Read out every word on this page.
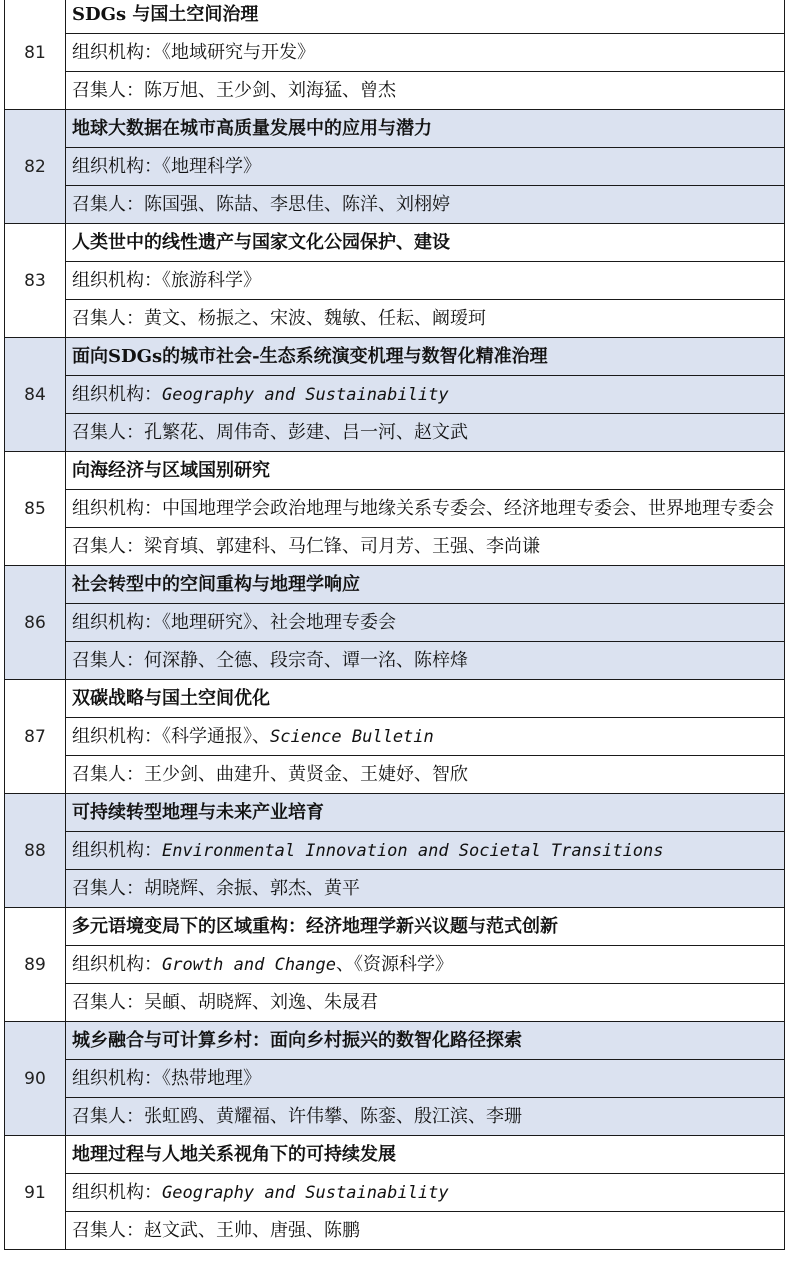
81	SDGs 与国土空间治理
	组织机构：《地域研究与开发》
	召集人：陈万旭、王少剑、刘海猛、曾杰
82	地球大数据在城市高质量发展中的应用与潜力
	组织机构：《地理科学》
	召集人：陈国强、陈喆、李思佳、陈洋、刘栩婷
83	人类世中的线性遗产与国家文化公园保护、建设
	组织机构：《旅游科学》
	召集人：黄文、杨振之、宋波、魏敏、任耘、阚瑷珂
84	面向SDGs的城市社会-生态系统演变机理与数智化精准治理
	组织机构：Geography and Sustainability
	召集人：孔繁花、周伟奇、彭建、吕一河、赵文武
85	向海经济与区域国别研究
	组织机构：中国地理学会政治地理与地缘关系专委会、经济地理专委会、世界地理专委会
	召集人：梁育填、郭建科、马仁锋、司月芳、王强、李尚谦
86	社会转型中的空间重构与地理学响应
	组织机构：《地理研究》、社会地理专委会
	召集人：何深静、仝德、段宗奇、谭一洺、陈梓烽
87	双碳战略与国土空间优化
	组织机构：《科学通报》、Science Bulletin
	召集人：王少剑、曲建升、黄贤金、王婕妤、智欣
88	可持续转型地理与未来产业培育
	组织机构：Environmental Innovation and Societal Transitions
	召集人：胡晓辉、余振、郭杰、黄平
89	多元语境变局下的区域重构：经济地理学新兴议题与范式创新
	组织机构：Growth and Change、《资源科学》
	召集人：吴頔、胡晓辉、刘逸、朱晟君
90	城乡融合与可计算乡村：面向乡村振兴的数智化路径探索
	组织机构：《热带地理》
	召集人：张虹鸥、黄耀福、许伟攀、陈銮、殷江滨、李珊
91	地理过程与人地关系视角下的可持续发展
	组织机构：Geography and Sustainability
	召集人：赵文武、王帅、唐强、陈鹏
